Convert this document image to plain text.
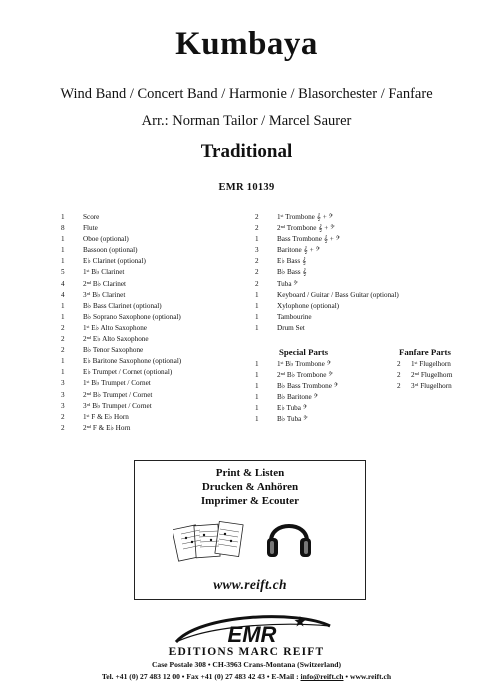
Kumbaya
Wind Band / Concert Band / Harmonie / Blasorchester / Fanfare
Arr.: Norman Tailor / Marcel Saurer
Traditional
EMR 10139
1	Score
8	Flute
1	Oboe (optional)
1	Bassoon (optional)
1	E♭ Clarinet (optional)
5	1ˢᵗ B♭ Clarinet
4	2ⁿᵈ B♭ Clarinet
4	3ʳᵈ B♭ Clarinet
1	B♭ Bass Clarinet (optional)
1	B♭ Soprano Saxophone (optional)
2	1ˢᵗ E♭ Alto Saxophone
2	2ⁿᵈ E♭ Alto Saxophone
2	B♭ Tenor Saxophone
1	E♭ Baritone Saxophone (optional)
1	E♭ Trumpet / Cornet (optional)
3	1ˢᵗ B♭ Trumpet / Cornet
3	2ⁿᵈ B♭ Trumpet / Cornet
3	3ʳᵈ B♭ Trumpet / Cornet
2	1ˢᵗ F & E♭ Horn
2	2ⁿᵈ F & E♭ Horn
2	1ˢᵗ Trombone 𝄞 + 𝄢
2	2ⁿᵈ Trombone 𝄞 + 𝄢
1	Bass Trombone 𝄞 + 𝄢
3	Baritone 𝄞 + 𝄢
2	E♭ Bass 𝄞
2	B♭ Bass 𝄞
2	Tuba 𝄢
1	Keyboard / Guitar / Bass Guitar (optional)
1	Xylophone (optional)
1	Tambourine
1	Drum Set
Special Parts	Fanfare Parts
1	1ˢᵗ B♭ Trombone 𝄢
1	2ⁿᵈ B♭ Trombone 𝄢
1	B♭ Bass Trombone 𝄢
1	B♭ Baritone 𝄢
1	E♭ Tuba 𝄢
1	B♭ Tuba 𝄢
2	1ˢᵗ Flugelhorn
2	2ⁿᵈ Flugelhorn
2	3ʳᵈ Flugelhorn
Print & Listen
Drucken & Anhören
Imprimer & Ecouter
www.reift.ch
EMR
EDITIONS MARC REIFT
Case Postale 308 • CH-3963 Crans-Montana (Switzerland)
Tel. +41 (0) 27 483 12 00 • Fax +41 (0) 27 483 42 43 • E-Mail : info@reift.ch • www.reift.ch
